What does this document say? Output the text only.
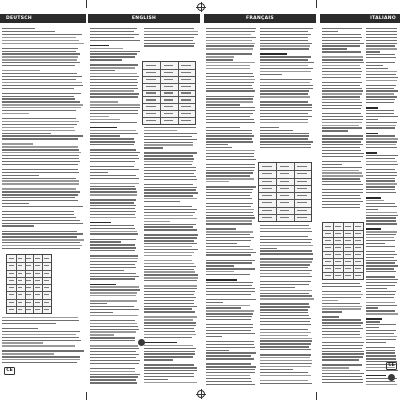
DEUTSCH
CE
ENGLISH	FRANÇAIS	ITALIANO
CE
